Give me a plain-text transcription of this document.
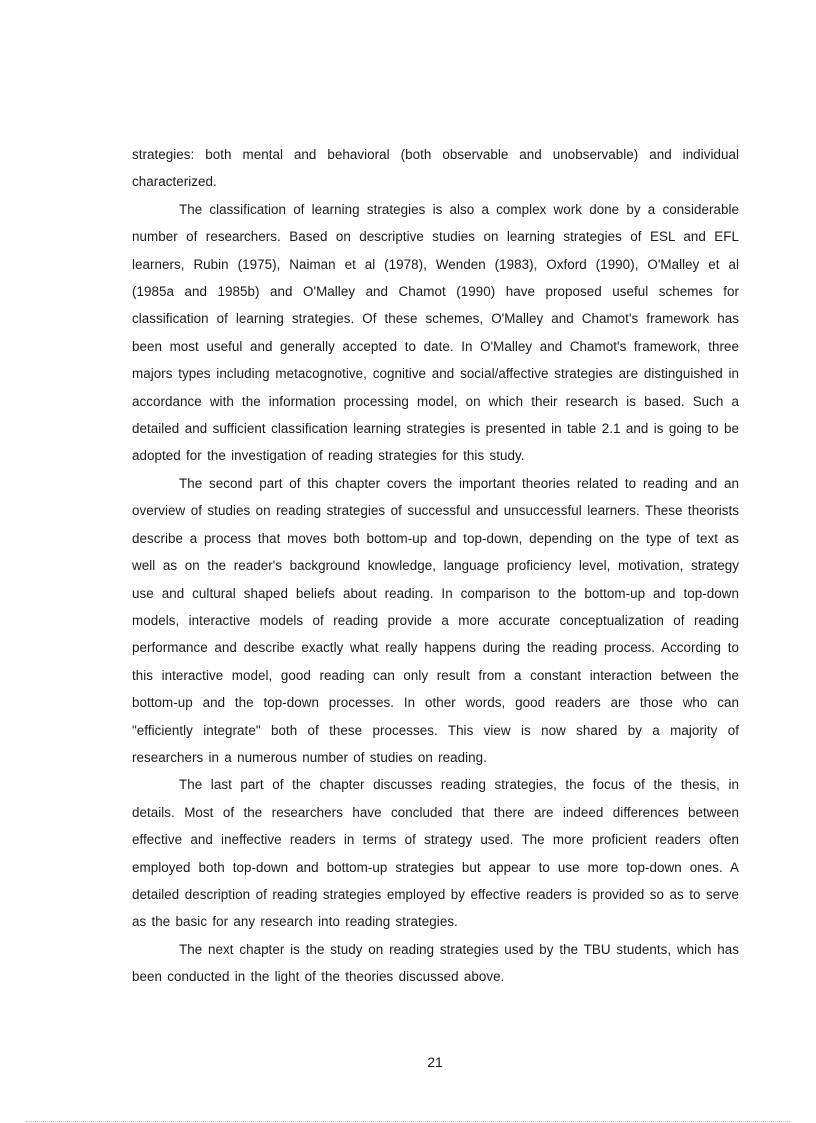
strategies: both mental and behavioral (both observable and unobservable) and individual characterized.

The classification of learning strategies is also a complex work done by a considerable number of researchers. Based on descriptive studies on learning strategies of ESL and EFL learners, Rubin (1975), Naiman et al (1978), Wenden (1983), Oxford (1990), O'Malley et al (1985a and 1985b) and O'Malley and Chamot (1990) have proposed useful schemes for classification of learning strategies. Of these schemes, O'Malley and Chamot's framework has been most useful and generally accepted to date. In O'Malley and Chamot's framework, three majors types including metacognotive, cognitive and social/affective strategies are distinguished in accordance with the information processing model, on which their research is based. Such a detailed and sufficient classification learning strategies is presented in table 2.1 and is going to be adopted for the investigation of reading strategies for this study.

The second part of this chapter covers the important theories related to reading and an overview of studies on reading strategies of successful and unsuccessful learners. These theorists describe a process that moves both bottom-up and top-down, depending on the type of text as well as on the reader's background knowledge, language proficiency level, motivation, strategy use and cultural shaped beliefs about reading. In comparison to the bottom-up and top-down models, interactive models of reading provide a more accurate conceptualization of reading performance and describe exactly what really happens during the reading process. According to this interactive model, good reading can only result from a constant interaction between the bottom-up and the top-down processes. In other words, good readers are those who can "efficiently integrate" both of these processes. This view is now shared by a majority of researchers in a numerous number of studies on reading.

The last part of the chapter discusses reading strategies, the focus of the thesis, in details. Most of the researchers have concluded that there are indeed differences between effective and ineffective readers in terms of strategy used. The more proficient readers often employed both top-down and bottom-up strategies but appear to use more top-down ones. A detailed description of reading strategies employed by effective readers is provided so as to serve as the basic for any research into reading strategies.

The next chapter is the study on reading strategies used by the TBU students, which has been conducted in the light of the theories discussed above.

21
